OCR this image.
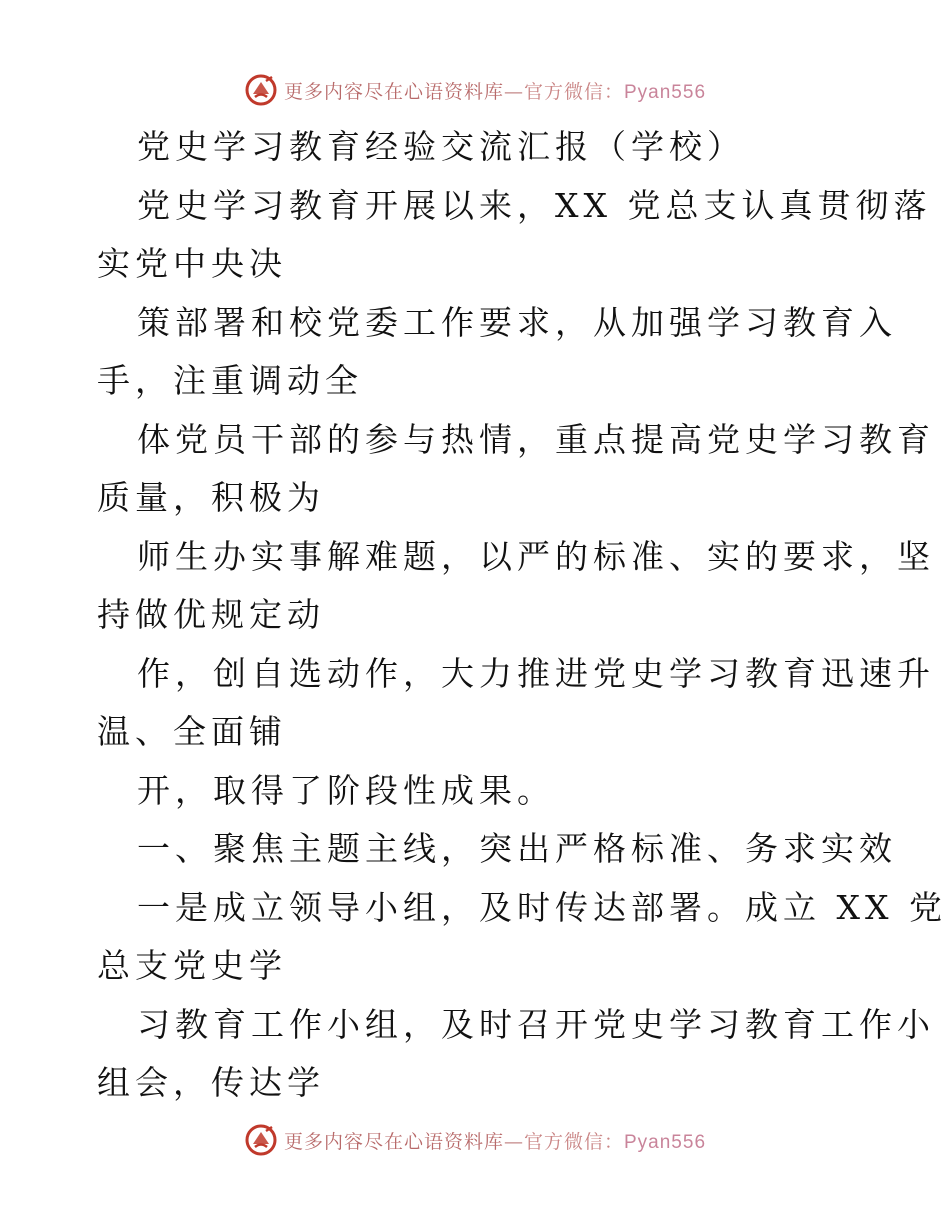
更多内容尽在心语资料库—官方微信：Pyan556
党史学习教育经验交流汇报（学校）
党史学习教育开展以来，XX 党总支认真贯彻落
实党中央决
策部署和校党委工作要求，从加强学习教育入
手，注重调动全
体党员干部的参与热情，重点提高党史学习教育
质量，积极为
师生办实事解难题，以严的标准、实的要求，坚
持做优规定动
作，创自选动作，大力推进党史学习教育迅速升
温、全面铺
开，取得了阶段性成果。
一、聚焦主题主线，突出严格标准、务求实效
一是成立领导小组，及时传达部署。成立 XX 党
总支党史学
习教育工作小组，及时召开党史学习教育工作小
组会，传达学
更多内容尽在心语资料库—官方微信：Pyan556
